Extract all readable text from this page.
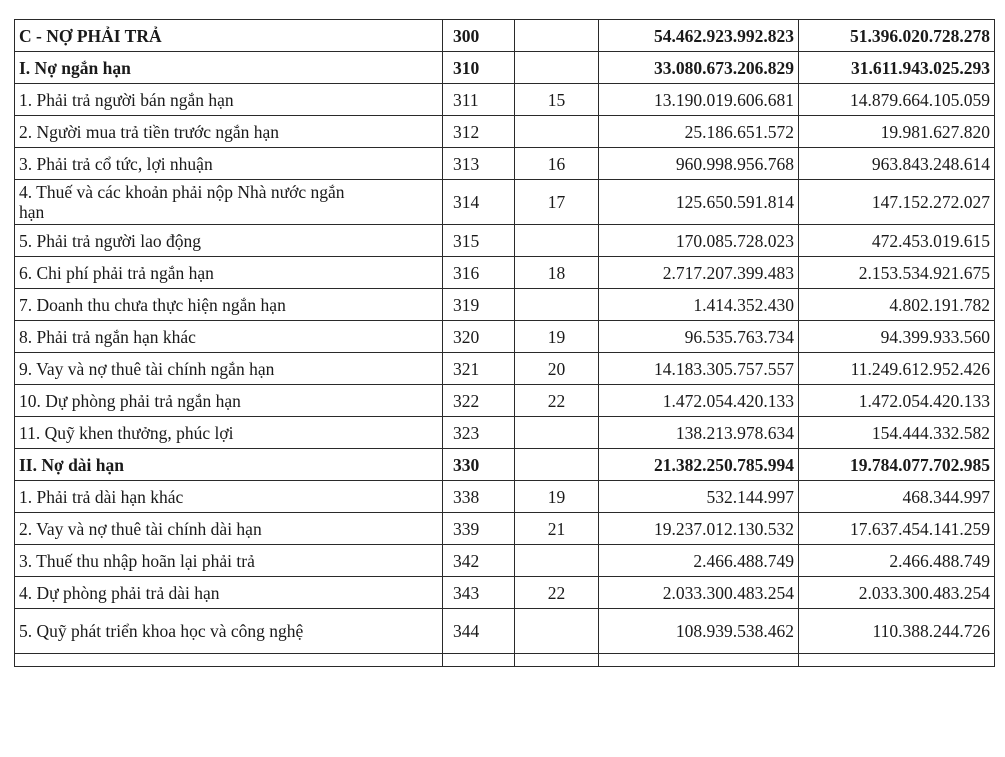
C - NỢ PHẢI TRẢ	300		54.462.923.992.823	51.396.020.728.278
I. Nợ ngắn hạn	310		33.080.673.206.829	31.611.943.025.293
1. Phải trả người bán ngắn hạn	311	15	13.190.019.606.681	14.879.664.105.059
2. Người mua trả tiền trước ngắn hạn	312		25.186.651.572	19.981.627.820
3. Phải trả cổ tức, lợi nhuận	313	16	960.998.956.768	963.843.248.614

4. Thuế và các khoản phải nộp Nhà nước ngắn
hạn	314	17	125.650.591.814	147.152.272.027
5. Phải trả người lao động	315		170.085.728.023	472.453.019.615
6. Chi phí phải trả ngắn hạn	316	18	2.717.207.399.483	2.153.534.921.675
7. Doanh thu chưa thực hiện ngắn hạn	319		1.414.352.430	4.802.191.782
8. Phải trả ngắn hạn khác	320	19	96.535.763.734	94.399.933.560
9. Vay và nợ thuê tài chính ngắn hạn	321	20	14.183.305.757.557	11.249.612.952.426
10. Dự phòng phải trả ngắn hạn	322	22	1.472.054.420.133	1.472.054.420.133
11. Quỹ khen thưởng, phúc lợi	323		138.213.978.634	154.444.332.582
II. Nợ dài hạn	330		21.382.250.785.994	19.784.077.702.985
1. Phải trả dài hạn khác	338	19	532.144.997	468.344.997
2. Vay và nợ thuê tài chính dài hạn	339	21	19.237.012.130.532	17.637.454.141.259
3. Thuế thu nhập hoãn lại phải trả	342		2.466.488.749	2.466.488.749
4. Dự phòng phải trả dài hạn	343	22	2.033.300.483.254	2.033.300.483.254
5. Quỹ phát triển khoa học và công nghệ	344		108.939.538.462	110.388.244.726
